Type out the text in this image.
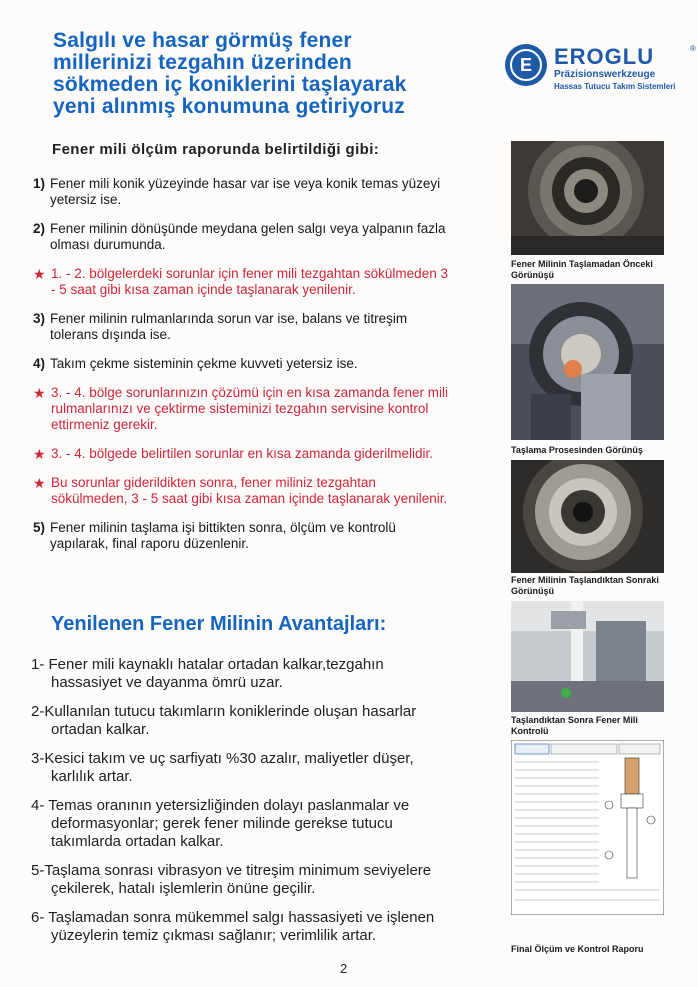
Salgılı ve hasar görmüş fener millerinizi tezgahın üzerinden sökmeden iç koniklerini taşlayarak yeni alınmış konumuna getiriyoruz
E	EROGLU	®
Präzisionswerkzeuge
Hassas Tutucu Takım Sistemleri

Fener mili ölçüm raporunda belirtildiği gibi:

1) Fener mili konik yüzeyinde hasar var ise veya konik temas yüzeyi yetersiz ise.
2) Fener milinin dönüşünde meydana gelen salgı veya yalpanın fazla olması durumunda.
★ 1. - 2. bölgelerdeki sorunlar için fener mili tezgahtan sökülmeden 3 - 5 saat gibi kısa zaman içinde taşlanarak yenilenir.
3) Fener milinin rulmanlarında sorun var ise, balans ve titreşim tolerans dışında ise.
4) Takım çekme sisteminin çekme kuvveti yetersiz ise.
★ 3. - 4. bölge sorunlarınızın çözümü için en kısa zamanda fener mili rulmanlarınızı ve çektirme sisteminizi tezgahın servisine kontrol ettirmeniz gerekir.
★ 3. - 4. bölgede belirtilen sorunlar en kısa zamanda giderilmelidir.
★ Bu sorunlar giderildikten sonra, fener miliniz tezgahtan sökülmeden, 3 - 5 saat gibi kısa zaman içinde taşlanarak yenilenir.
5) Fener milinin taşlama işi bittikten sonra, ölçüm ve kontrolü yapılarak, final raporu düzenlenir.
Yenilenen Fener Milinin Avantajları:
1- Fener mili kaynaklı hatalar ortadan kalkar,tezgahın hassasiyet ve dayanma ömrü uzar.
2-Kullanılan tutucu takımların koniklerinde oluşan hasarlar ortadan kalkar.
3-Kesici takım ve uç sarfiyatı %30 azalır, maliyetler düşer, karlılık artar.
4- Temas oranının yetersizliğinden dolayı paslanmalar ve deformasyonlar; gerek fener milinde gerekse tutucu takımlarda ortadan kalkar.
5-Taşlama sonrası vibrasyon ve titreşim minimum seviyelere çekilerek, hatalı işlemlerin önüne geçilir.
6- Taşlamadan sonra mükemmel salgı hassasiyeti ve işlenen yüzeylerin temiz çıkması sağlanır; verimlilik artar.
Fener Milinin Taşlamadan Önceki Görünüşü
Taşlama Prosesinden Görünüş
Fener Milinin Taşlandıktan Sonraki Görünüşü
Taşlandıktan Sonra Fener Mili Kontrolü
Final Ölçüm ve Kontrol Raporu
2
